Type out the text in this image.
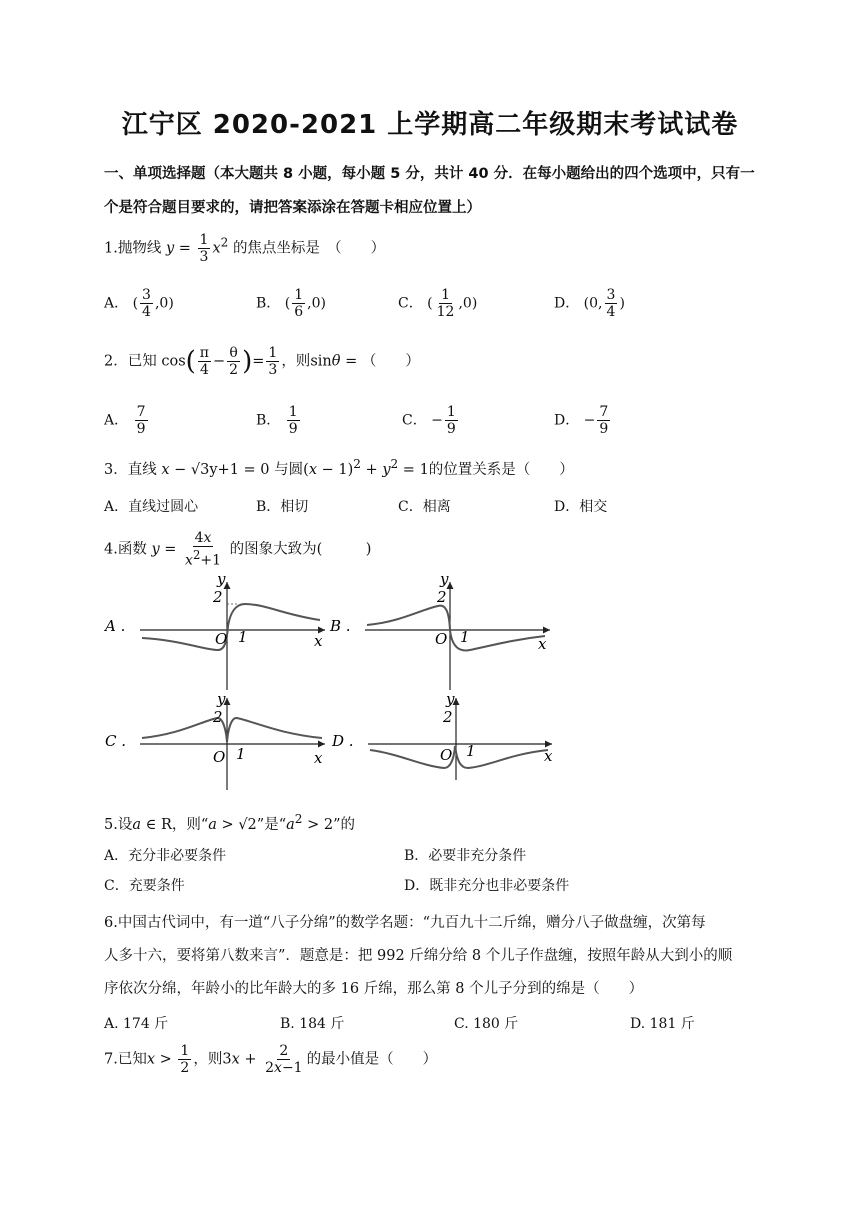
江宁区 2020-2021 上学期高二年级期末考试试卷
一、单项选择题（本大题共 8 小题，每小题 5 分，共计 40 分．在每小题给出的四个选项中，只有一
个是符合题目要求的，请把答案添涂在答题卡相应位置上）
1.抛物线 $y = \frac{1}{3} x^2$ 的焦点坐标是　（　　）
A． ( $\frac{3}{4} ,0$)	B． ( $\frac{1}{6} ,0$)	C． ( $\frac{1}{12} ,0$)	D． (0, $\frac{3}{4}$ )
2．已知 $\cos( \frac{\pi}{4} - \frac{\theta}{2}$ )= $\frac{1}{3}$ ，则sinθ = （　　）
A． $\frac{7}{9}$	B． $\frac{1}{9}$	C． − $\frac{1}{9}$	D． − $\frac{7}{9}$
3．直线 x − √3y+1 = 0 与圆$(x - 1)^2 + y^2 = 1$的位置关系是（　　）
A．直线过圆心	B．相切	C．相离	D．相交
4.函数 $y = \frac{4x}{x^2+1}$ 的图象大致为(　　　)
2
y
O 1	x
A .
2
y
O 1	x
B .
2
y
O 1	x
C .
2
y
O 1	x
D .
5.设a ∈ R，则“a > √2”是“$a^2 > 2$”的
A．充分非必要条件	B．必要非充分条件
C．充要条件	D．既非充分也非必要条件
6.中国古代词中，有一道“八子分绵”的数学名题：“九百九十二斤绵，赠分八子做盘缠，次第每
人多十六，要将第八数来言”．题意是：把 992 斤绵分给 8 个儿子作盘缠，按照年龄从大到小的顺
序依次分绵，年龄小的比年龄大的多 16 斤绵，那么第 8 个儿子分到的绵是（　　）
A. 174 斤	B. 184 斤	C. 180 斤	D. 181 斤
7.已知$x > \frac{1}{2}$ ，则$3x + \frac{2}{2x-1}$ 的最小值是（　　）
